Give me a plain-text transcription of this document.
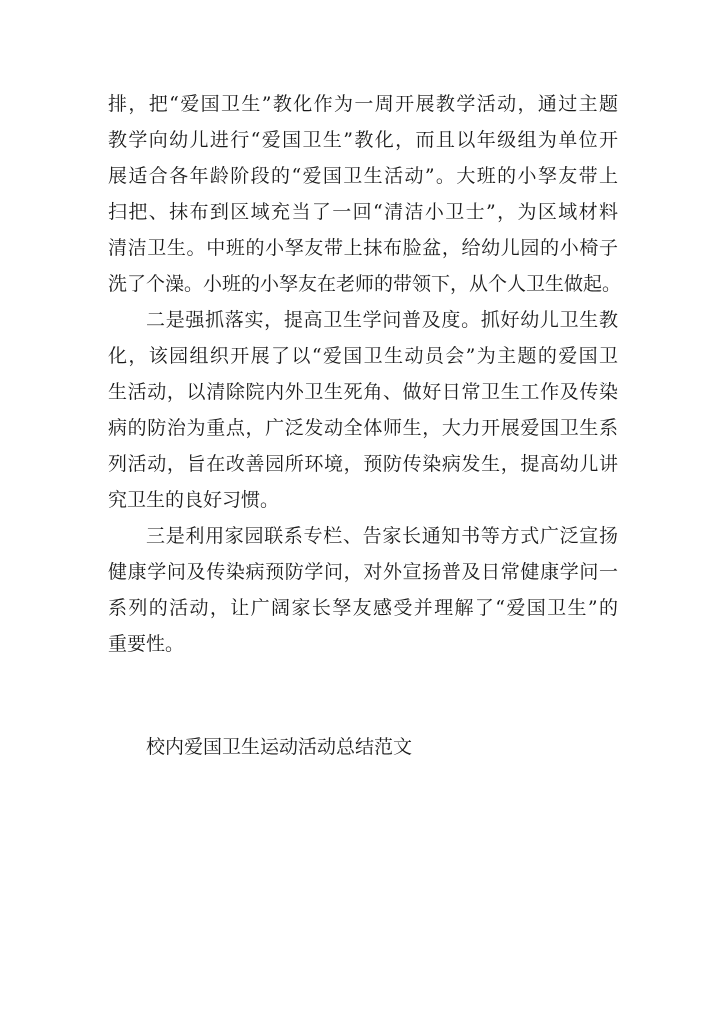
排，把“爱国卫生”教化作为一周开展教学活动，通过主题
教学向幼儿进行“爱国卫生”教化，而且以年级组为单位开
展适合各年龄阶段的“爱国卫生活动”。大班的小孥友带上
扫把、抹布到区域充当了一回“清洁小卫士”，为区域材料
清洁卫生。中班的小孥友带上抹布脸盆，给幼儿园的小椅子
洗了个澡。小班的小孥友在老师的带领下，从个人卫生做起。
二是强抓落实，提高卫生学问普及度。抓好幼儿卫生教
化，该园组织开展了以“爱国卫生动员会”为主题的爱国卫
生活动，以清除院内外卫生死角、做好日常卫生工作及传染
病的防治为重点，广泛发动全体师生，大力开展爱国卫生系
列活动，旨在改善园所环境，预防传染病发生，提高幼儿讲
究卫生的良好习惯。
三是利用家园联系专栏、告家长通知书等方式广泛宣扬
健康学问及传染病预防学问，对外宣扬普及日常健康学问一
系列的活动，让广阔家长孥友感受并理解了“爱国卫生”的
重要性。
校内爱国卫生运动活动总结范文
